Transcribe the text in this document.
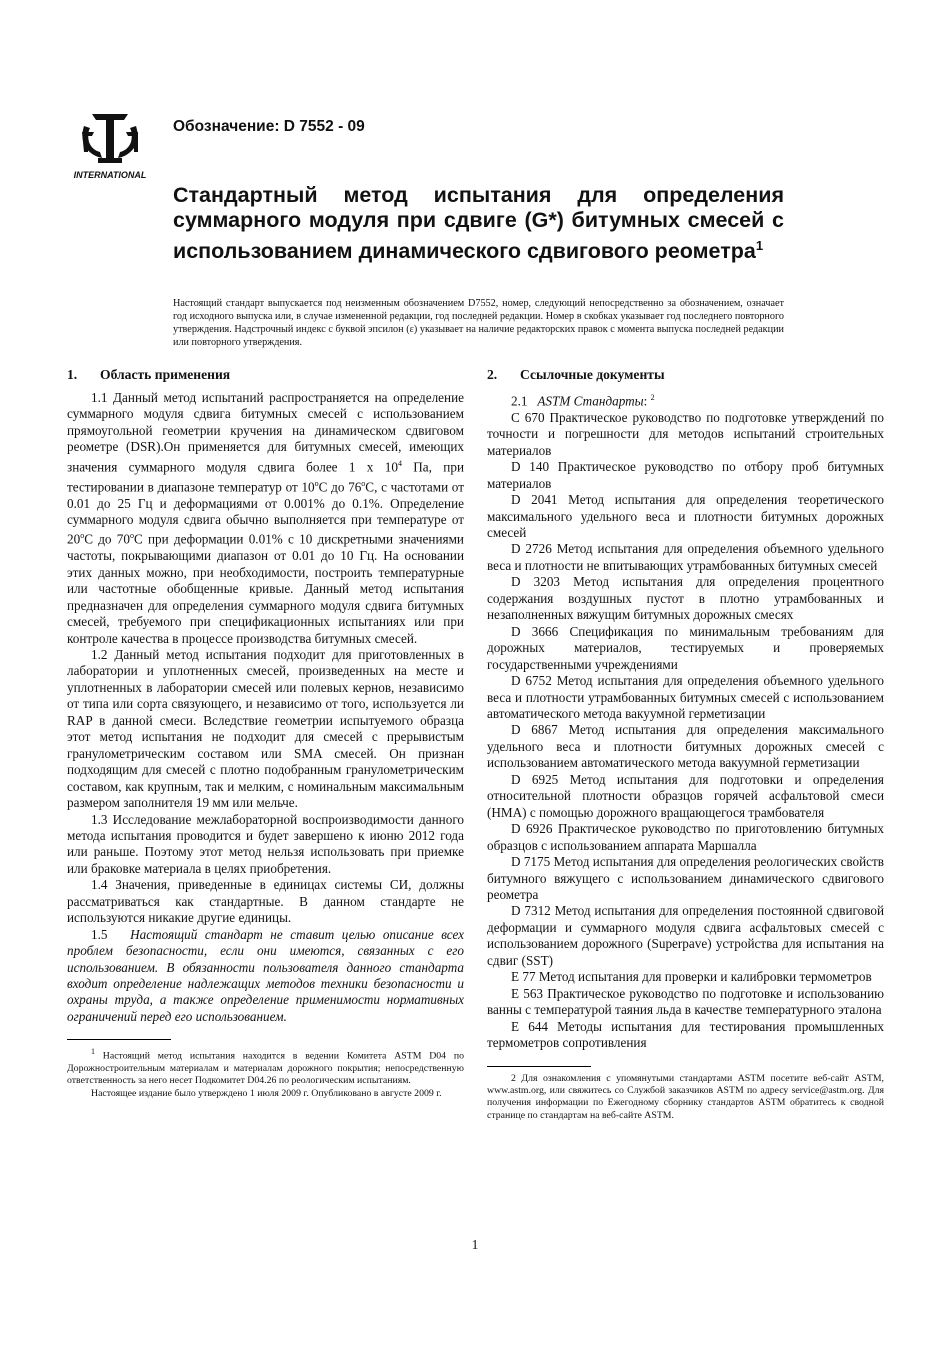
INTERNATIONAL
Обозначение: D 7552 - 09
Стандартный метод испытания для определения суммарного модуля при сдвиге (G*) битумных смесей с использованием динамического сдвигового реометра$^1$

Настоящий стандарт выпускается под неизменным обозначением D7552, номер, следующий непосредственно за обозначением, означает год исходного выпуска или, в случае измененной редакции, год последней редакции. Номер в скобках указывает год последнего повторного утверждения. Надстрочный индекс с буквой эпсилон (ε) указывает на наличие редакторских правок с момента выпуска последней редакции или повторного утверждения.

1. Область применения

1.1 Данный метод испытаний распространяется на определение суммарного модуля сдвига битумных смесей с использованием прямоугольной геометрии кручения на динамическом сдвиговом реометре (DSR).Он применяется для битумных смесей, имеющих значения суммарного модуля сдвига более 1 x $10^4$ Па, при тестировании в диапазоне температур от 10$^o$C до 76$^o$C, с частотами от 0.01 до 25 Гц и деформациями от 0.001% до 0.1%. Определение суммарного модуля сдвига обычно выполняется при температуре от 20$^o$C до 70$^o$C при деформации 0.01% с 10 дискретными значениями частоты, покрывающими диапазон от 0.01 до 10 Гц. На основании этих данных можно, при необходимости, построить температурные или частотные обобщенные кривые. Данный метод испытания предназначен для определения суммарного модуля сдвига битумных смесей, требуемого при спецификационных испытаниях или при контроле качества в процессе производства битумных смесей.

1.2 Данный метод испытания подходит для приготовленных в лаборатории и уплотненных смесей, произведенных на месте и уплотненных в лаборатории смесей или полевых кернов, независимо от типа или сорта связующего, и независимо от того, используется ли RAP в данной смеси. Вследствие геометрии испытуемого образца этот метод испытания не подходит для смесей с прерывистым гранулометрическим составом или SMA смесей. Он признан подходящим для смесей с плотно подобранным гранулометрическим составом, как крупным, так и мелким, с номинальным максимальным размером заполнителя 19 мм или мельче.

1.3 Исследование межлабораторной воспроизводимости данного метода испытания проводится и будет завершено к июню 2012 года или раньше. Поэтому этот метод нельзя использовать при приемке или браковке материала в целях приобретения.

1.4 Значения, приведенные в единицах системы СИ, должны рассматриваться как стандартные. В данном стандарте не используются никакие другие единицы.

1.5 Настоящий стандарт не ставит целью описание всех проблем безопасности, если они имеются, связанных с его использованием. В обязанности пользователя данного стандарта входит определение надлежащих методов техники безопасности и охраны труда, а также определение применимости нормативных ограничений перед его использованием.

$^1$ Настоящий метод испытания находится в ведении Комитета ASTM D04 по Дорожностроительным материалам и материалам дорожного покрытия; непосредственную ответственность за него несет Подкомитет D04.26 по реологическим испытаниям.

Настоящее издание было утверждено 1 июля 2009 г. Опубликовано в августе 2009 г.

2. Ссылочные документы

2.1 ASTM Стандарты: $^2$

C 670 Практическое руководство по подготовке утверждений по точности и погрешности для методов испытаний строительных материалов

D 140 Практическое руководство по отбору проб битумных материалов

D 2041 Метод испытания для определения теоретического максимального удельного веса и плотности битумных дорожных смесей

D 2726 Метод испытания для определения объемного удельного веса и плотности не впитывающих утрамбованных битумных смесей

D 3203 Метод испытания для определения процентного содержания воздушных пустот в плотно утрамбованных и незаполненных вяжущим битумных дорожных смесях

D 3666 Спецификация по минимальным требованиям для дорожных материалов, тестируемых и проверяемых государственными учреждениями

D 6752 Метод испытания для определения объемного удельного веса и плотности утрамбованных битумных смесей с использованием автоматического метода вакуумной герметизации

D 6867 Метод испытания для определения максимального удельного веса и плотности битумных дорожных смесей с использованием автоматического метода вакуумной герметизации

D 6925 Метод испытания для подготовки и определения относительной плотности образцов горячей асфальтовой смеси (HMA) с помощью дорожного вращающегося трамбователя

D 6926 Практическое руководство по приготовлению битумных образцов с использованием аппарата Маршалла

D 7175 Метод испытания для определения реологических свойств битумного вяжущего с использованием динамического сдвигового реометра

D 7312 Метод испытания для определения постоянной сдвиговой деформации и суммарного модуля сдвига асфальтовых смесей с использованием дорожного (Superpave) устройства для испытания на сдвиг (SST)

E 77 Метод испытания для проверки и калибровки термометров

E 563 Практическое руководство по подготовке и использованию ванны с температурой таяния льда в качестве температурного эталона

E 644 Методы испытания для тестирования промышленных термометров сопротивления

2 Для ознакомления с упомянутыми стандартами ASTM посетите веб-сайт ASTM, www.astm.org, или свяжитесь со Службой заказчиков ASTM по адресу service@astm.org. Для получения информации по Ежегодному сборнику стандартов ASTM обратитесь к сводной странице по стандартам на веб-сайте ASTM.

1
